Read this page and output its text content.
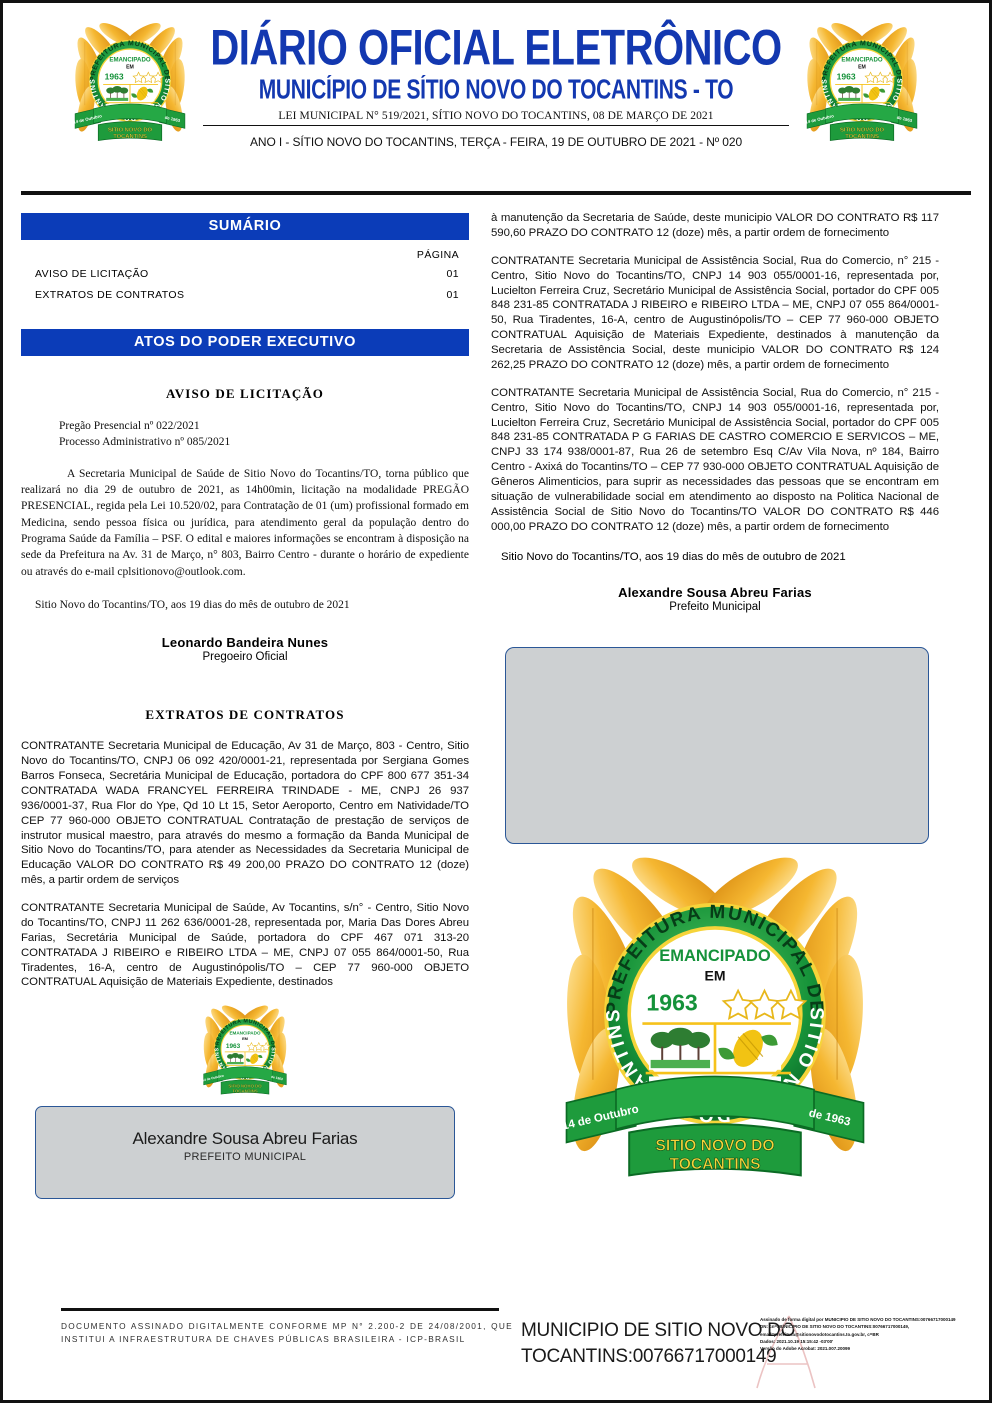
DIÁRIO OFICIAL ELETRÔNICO
MUNICÍPIO DE SÍTIO NOVO DO TOCANTINS - TO
LEI MUNICIPAL N° 519/2021, SÍTIO NOVO DO TOCANTINS, 08 DE MARÇO DE 2021
ANO I - SÍTIO NOVO DO TOCANTINS, TERÇA - FEIRA, 19 DE OUTUBRO DE 2021 - Nº 020
SUMÁRIO
PÁGINA
AVISO DE LICITAÇÃO	01
EXTRATOS DE CONTRATOS	01
ATOS DO PODER EXECUTIVO
AVISO DE LICITAÇÃO
Pregão Presencial nº 022/2021
Processo Administrativo nº 085/2021
A Secretaria Municipal de Saúde de Sitio Novo do Tocantins/TO, torna público que realizará no dia 29 de outubro de 2021, as 14h00min, licitação na modalidade PREGÃO PRESENCIAL, regida pela Lei 10.520/02, para Contratação de 01 (um) profissional formado em Medicina, sendo pessoa física ou jurídica, para atendimento geral da população dentro do Programa Saúde da Família – PSF. O edital e maiores informações se encontram à disposição na sede da Prefeitura na Av. 31 de Março, n° 803, Bairro Centro - durante o horário de expediente ou através do e-mail cplsitionovo@outlook.com.
Sitio Novo do Tocantins/TO, aos 19 dias do mês de outubro de 2021
Leonardo Bandeira Nunes
Pregoeiro Oficial
EXTRATOS DE CONTRATOS

CONTRATANTE Secretaria Municipal de Educação, Av 31 de Março, 803 - Centro, Sitio Novo do Tocantins/TO, CNPJ 06 092 420/0001-21, representada por Sergiana Gomes Barros Fonseca, Secretária Municipal de Educação, portadora do CPF 800 677 351-34 CONTRATADA WADA FRANCYEL FERREIRA TRINDADE - ME, CNPJ 26 937 936/0001-37, Rua Flor do Ype, Qd 10 Lt 15, Setor Aeroporto, Centro em Natividade/TO CEP 77 960-000 OBJETO CONTRATUAL Contratação de prestação de serviços de instrutor musical maestro, para através do mesmo a formação da Banda Municipal de Sitio Novo do Tocantins/TO, para atender as Necessidades da Secretaria Municipal de Educação VALOR DO CONTRATO R$ 49 200,00 PRAZO DO CONTRATO 12 (doze) mês, a partir ordem de serviços

CONTRATANTE Secretaria Municipal de Saúde, Av Tocantins, s/n° - Centro, Sitio Novo do Tocantins/TO, CNPJ 11 262 636/0001-28, representada por, Maria Das Dores Abreu Farias, Secretária Municipal de Saúde, portadora do CPF 467 071 313-20 CONTRATADA J RIBEIRO e RIBEIRO LTDA – ME, CNPJ 07 055 864/0001-50, Rua Tiradentes, 16-A, centro de Augustinópolis/TO – CEP 77 960-000 OBJETO CONTRATUAL Aquisição de Materiais Expediente, destinados

Alexandre Sousa Abreu Farias
PREFEITO MUNICIPAL

à manutenção da Secretaria de Saúde, deste municipio VALOR DO CONTRATO R$ 117 590,60 PRAZO DO CONTRATO 12 (doze) mês, a partir ordem de fornecimento

CONTRATANTE Secretaria Municipal de Assistência Social, Rua do Comercio, n° 215 - Centro, Sitio Novo do Tocantins/TO, CNPJ 14 903 055/0001-16, representada por, Lucielton Ferreira Cruz, Secretário Municipal de Assistência Social, portador do CPF 005 848 231-85 CONTRATADA J RIBEIRO e RIBEIRO LTDA – ME, CNPJ 07 055 864/0001-50, Rua Tiradentes, 16-A, centro de Augustinópolis/TO – CEP 77 960-000 OBJETO CONTRATUAL Aquisição de Materiais Expediente, destinados à manutenção da Secretaria de Assistência Social, deste municipio VALOR DO CONTRATO R$ 124 262,25 PRAZO DO CONTRATO 12 (doze) mês, a partir ordem de fornecimento

CONTRATANTE Secretaria Municipal de Assistência Social, Rua do Comercio, n° 215 - Centro, Sitio Novo do Tocantins/TO, CNPJ 14 903 055/0001-16, representada por, Lucielton Ferreira Cruz, Secretário Municipal de Assistência Social, portador do CPF 005 848 231-85 CONTRATADA P G FARIAS DE CASTRO COMERCIO E SERVICOS – ME, CNPJ 33 174 938/0001-87, Rua 26 de setembro Esq C/Av Vila Nova, nº 184, Bairro Centro - Axixá do Tocantins/TO – CEP 77 930-000 OBJETO CONTRATUAL Aquisição de Gêneros Alimenticios, para suprir as necessidades das pessoas que se encontram em situação de vulnerabilidade social em atendimento ao disposto na Politica Nacional de Assistência Social de Sitio Novo do Tocantins/TO VALOR DO CONTRATO R$ 446 000,00 PRAZO DO CONTRATO 12 (doze) mês, a partir ordem de fornecimento

Sitio Novo do Tocantins/TO, aos 19 dias do mês de outubro de 2021
Alexandre Sousa Abreu Farias
Prefeito Municipal
DOCUMENTO ASSINADO DIGITALMENTE CONFORME MP N° 2.200-2 DE 24/08/2001, QUE INSTITUI A INFRAESTRUTURA DE CHAVES PÚBLICAS BRASILEIRA - ICP-BRASIL	MUNICIPIO DE SITIO NOVO DO
TOCANTINS:00766717000149
Assinado de forma digital por MUNICIPIO DE SITIO NOVO DO TOCANTINS:00766717000149
DN: cn=MUNICIPIO DE SITIO NOVO DO TOCANTINS:00766717000149,
email=prefeitura@sitionovodotocantins.to.gov.br, c=BR
Dados: 2021.10.19 15:15:42 -03'00'
Versão do Adobe Acrobat: 2021.007.20099
